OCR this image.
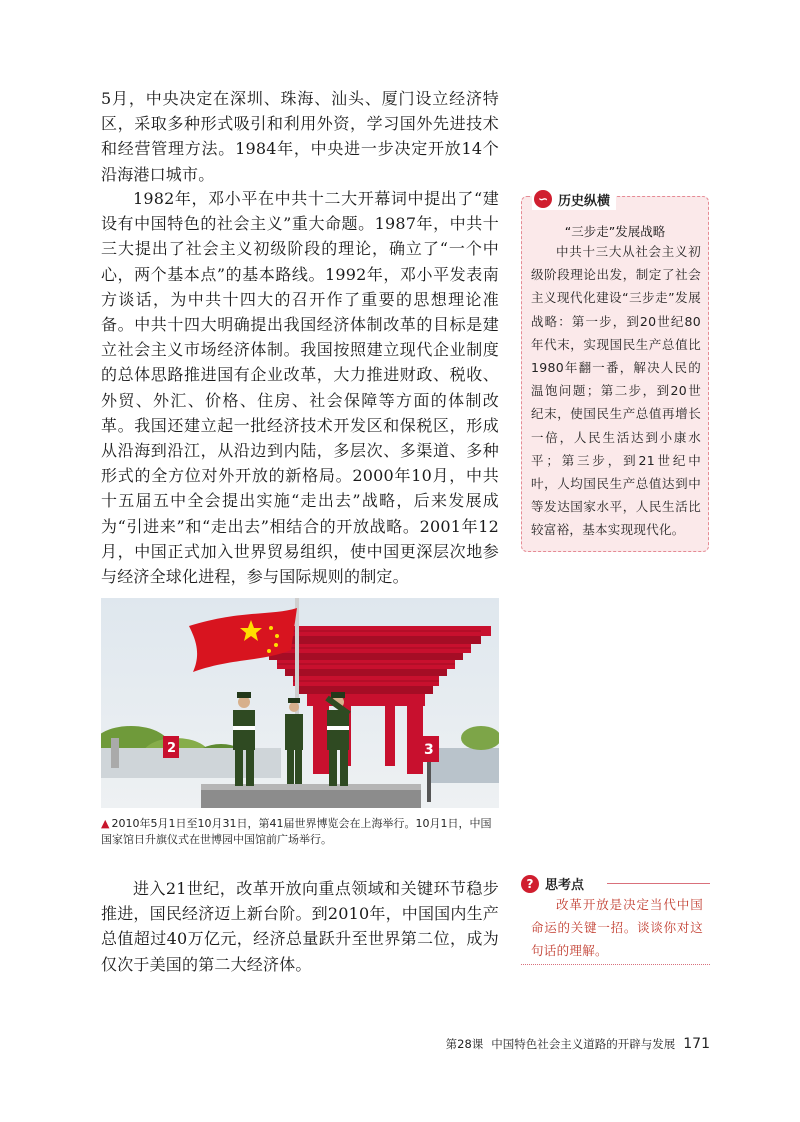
5月，中央决定在深圳、珠海、汕头、厦门设立经济特区，采取多种形式吸引和利用外资，学习国外先进技术和经营管理方法。1984年，中央进一步决定开放14个沿海港口城市。

1982年，邓小平在中共十二大开幕词中提出了“建设有中国特色的社会主义”重大命题。1987年，中共十三大提出了社会主义初级阶段的理论，确立了“一个中心，两个基本点”的基本路线。1992年，邓小平发表南方谈话，为中共十四大的召开作了重要的思想理论准备。中共十四大明确提出我国经济体制改革的目标是建立社会主义市场经济体制。我国按照建立现代企业制度的总体思路推进国有企业改革，大力推进财政、税收、外贸、外汇、价格、住房、社会保障等方面的体制改革。我国还建立起一批经济技术开发区和保税区，形成从沿海到沿江，从沿边到内陆，多层次、多渠道、多种形式的全方位对外开放的新格局。2000年10月，中共十五届五中全会提出实施“走出去”战略，后来发展成为“引进来”和“走出去”相结合的开放战略。2001年12月，中国正式加入世界贸易组织，使中国更深层次地参与经济全球化进程，参与国际规则的制定。

2	3
▲ 2010年5月1日至10月31日，第41届世界博览会在上海举行。10月1日，中国国家馆日升旗仪式在世博园中国馆前广场举行。

进入21世纪，改革开放向重点领域和关键环节稳步推进，国民经济迈上新台阶。到2010年，中国国内生产总值超过40万亿元，经济总量跃升至世界第二位，成为仅次于美国的第二大经济体。

∽ 历史纵横
“三步走”发展战略

中共十三大从社会主义初级阶段理论出发，制定了社会主义现代化建设“三步走”发展战略：第一步，到20世纪80年代末，实现国民生产总值比1980年翻一番，解决人民的温饱问题；第二步，到20世纪末，使国民生产总值再增长一倍，人民生活达到小康水平；第三步，到21世纪中叶，人均国民生产总值达到中等发达国家水平，人民生活比较富裕，基本实现现代化。

? 思考点

改革开放是决定当代中国命运的关键一招。谈谈你对这句话的理解。

第28课 中国特色社会主义道路的开辟与发展 171
